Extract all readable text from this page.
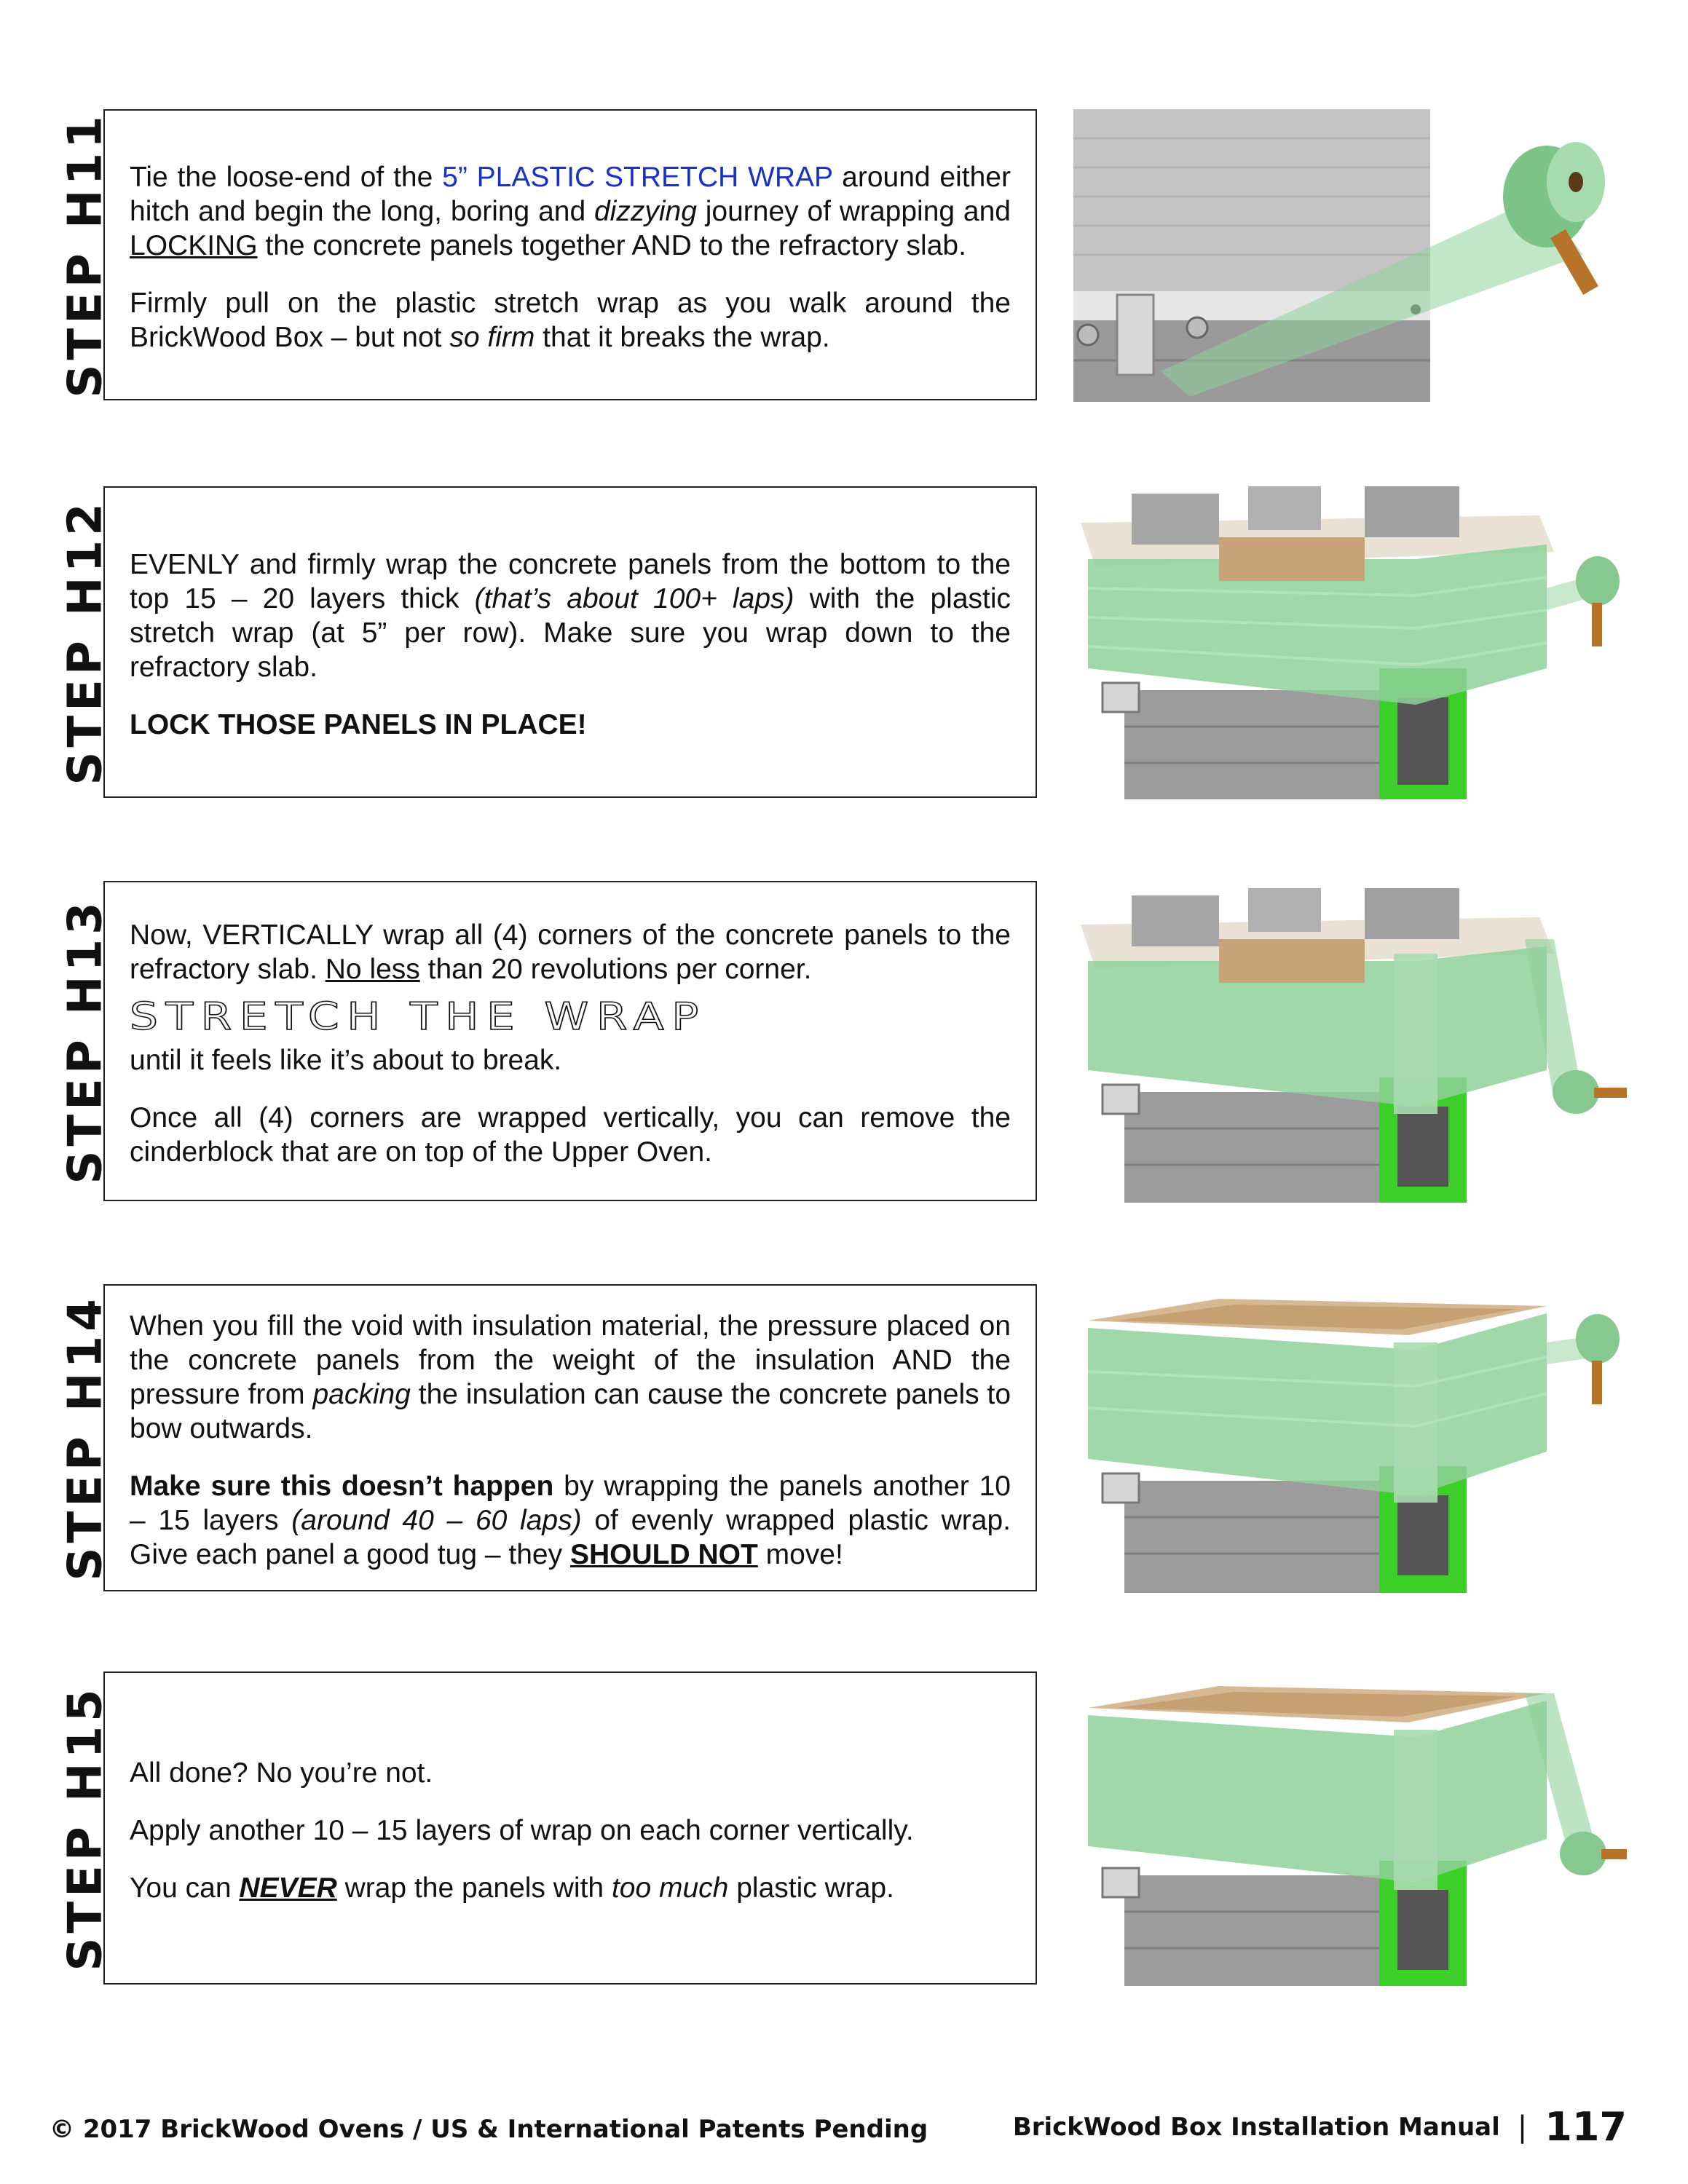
STEP H11 Tie the loose-end of the 5” PLASTIC STRETCH WRAP around either hitch and begin the long, boring and dizzying journey of wrapping and LOCKING the concrete panels together AND to the refractory slab.

Firmly pull on the plastic stretch wrap as you walk around the BrickWood Box – but not so firm that it breaks the wrap.

STEP H12 EVENLY and firmly wrap the concrete panels from the bottom to the top 15 – 20 layers thick (that’s about 100+ laps) with the plastic stretch wrap (at 5” per row). Make sure you wrap down to the refractory slab.

LOCK THOSE PANELS IN PLACE!

STEP H13 Now, VERTICALLY wrap all (4) corners of the concrete panels to the refractory slab. No less than 20 revolutions per corner.

STRETCH THE WRAP

until it feels like it’s about to break.

Once all (4) corners are wrapped vertically, you can remove the cinderblock that are on top of the Upper Oven.

STEP H14 When you fill the void with insulation material, the pressure placed on the concrete panels from the weight of the insulation AND the pressure from packing the insulation can cause the concrete panels to bow outwards.

Make sure this doesn’t happen by wrapping the panels another 10 – 15 layers (around 40 – 60 laps) of evenly wrapped plastic wrap. Give each panel a good tug – they SHOULD NOT move!

STEP H15 All done? No you’re not.

Apply another 10 – 15 layers of wrap on each corner vertically.

You can NEVER wrap the panels with too much plastic wrap.

© 2017 BrickWood Ovens / US & International Patents Pending	BrickWood Box Installation Manual | 117
